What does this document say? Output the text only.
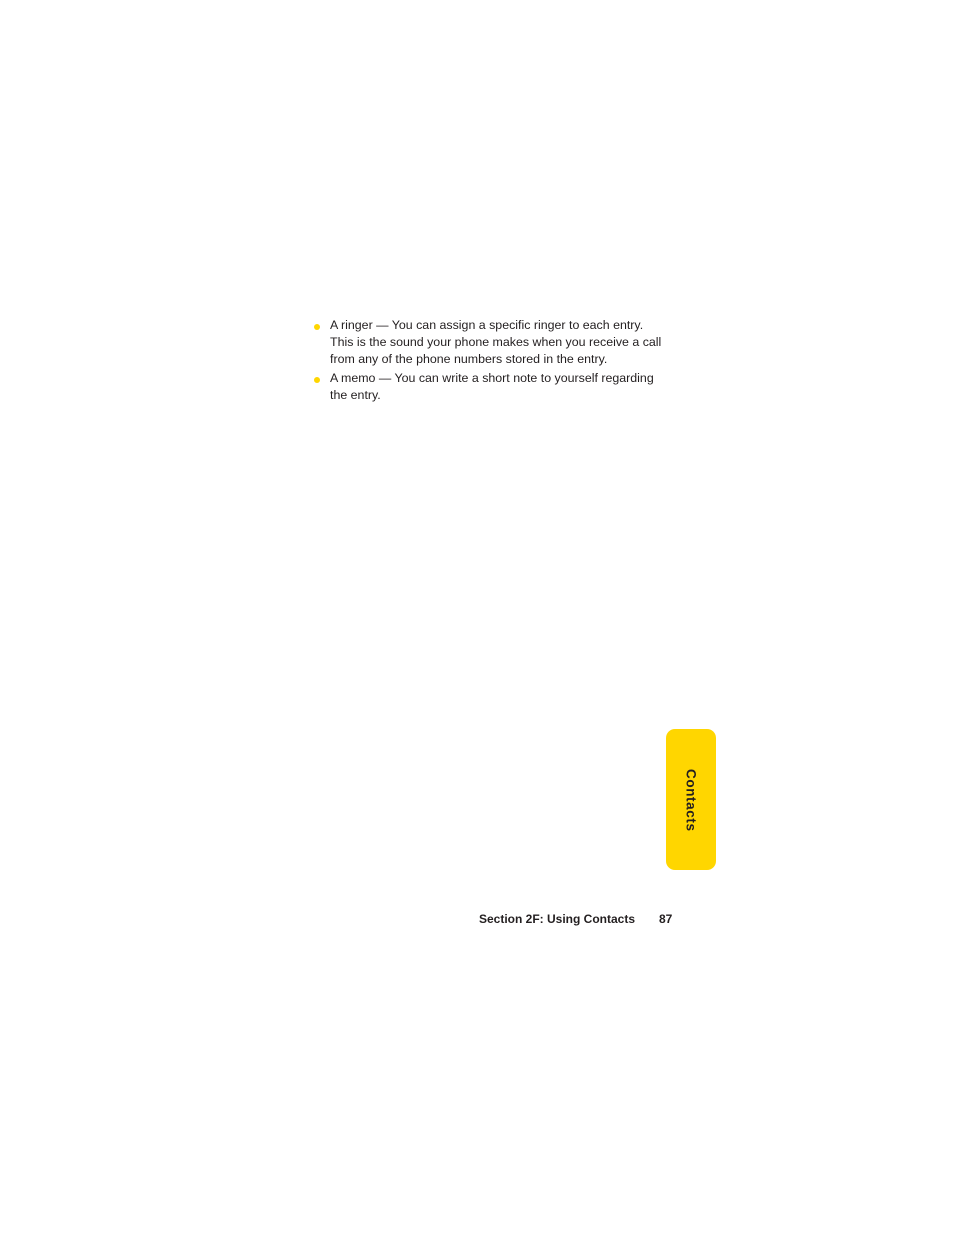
A ringer — You can assign a specific ringer to each entry. This is the sound your phone makes when you receive a call from any of the phone numbers stored in the entry.
A memo — You can write a short note to yourself regarding the entry.
Contacts
Section 2F: Using Contacts 87
